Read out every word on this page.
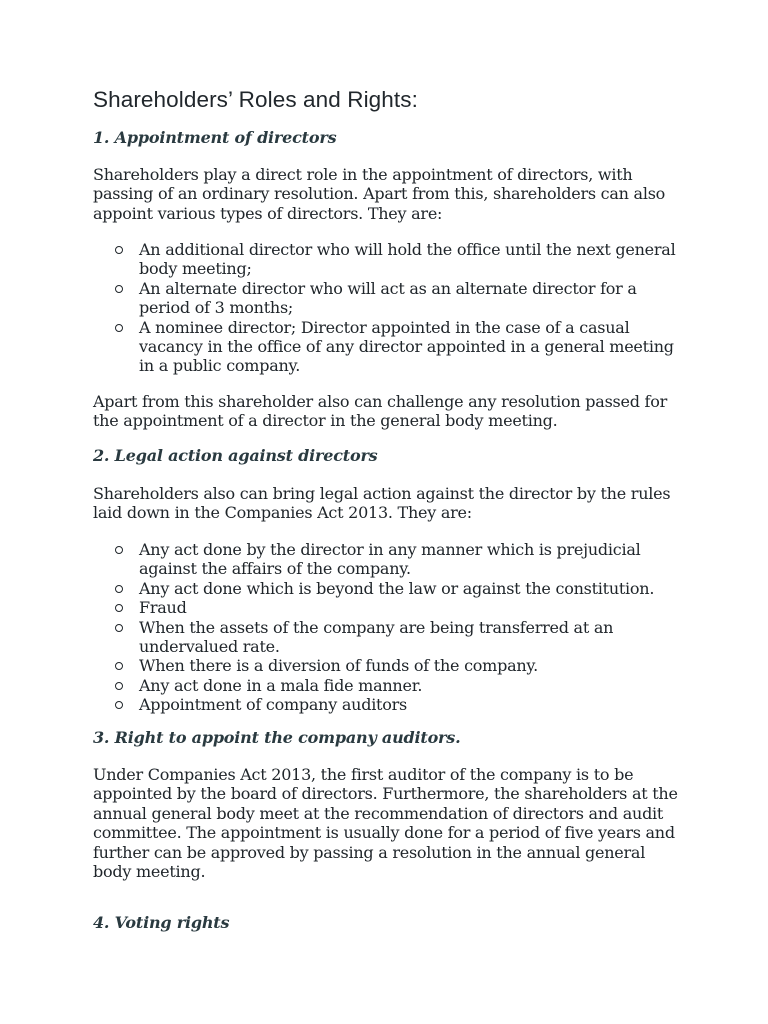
Shareholders’ Roles and Rights:
1. Appointment of directors

Shareholders play a direct role in the appointment of directors, with passing of an ordinary resolution. Apart from this, shareholders can also appoint various types of directors. They are:

An additional director who will hold the office until the next general body meeting;
An alternate director who will act as an alternate director for a period of 3 months;
A nominee director; Director appointed in the case of a casual vacancy in the office of any director appointed in a general meeting in a public company.

Apart from this shareholder also can challenge any resolution passed for the appointment of a director in the general body meeting.

2. Legal action against directors

Shareholders also can bring legal action against the director by the rules laid down in the Companies Act 2013. They are:

Any act done by the director in any manner which is prejudicial against the affairs of the company.
Any act done which is beyond the law or against the constitution.
Fraud
When the assets of the company are being transferred at an undervalued rate.
When there is a diversion of funds of the company.
Any act done in a mala fide manner.
Appointment of company auditors
3. Right to appoint the company auditors.

Under Companies Act 2013, the first auditor of the company is to be appointed by the board of directors. Furthermore, the shareholders at the annual general body meet at the recommendation of directors and audit committee. The appointment is usually done for a period of five years and further can be approved by passing a resolution in the annual general body meeting.

4. Voting rights
